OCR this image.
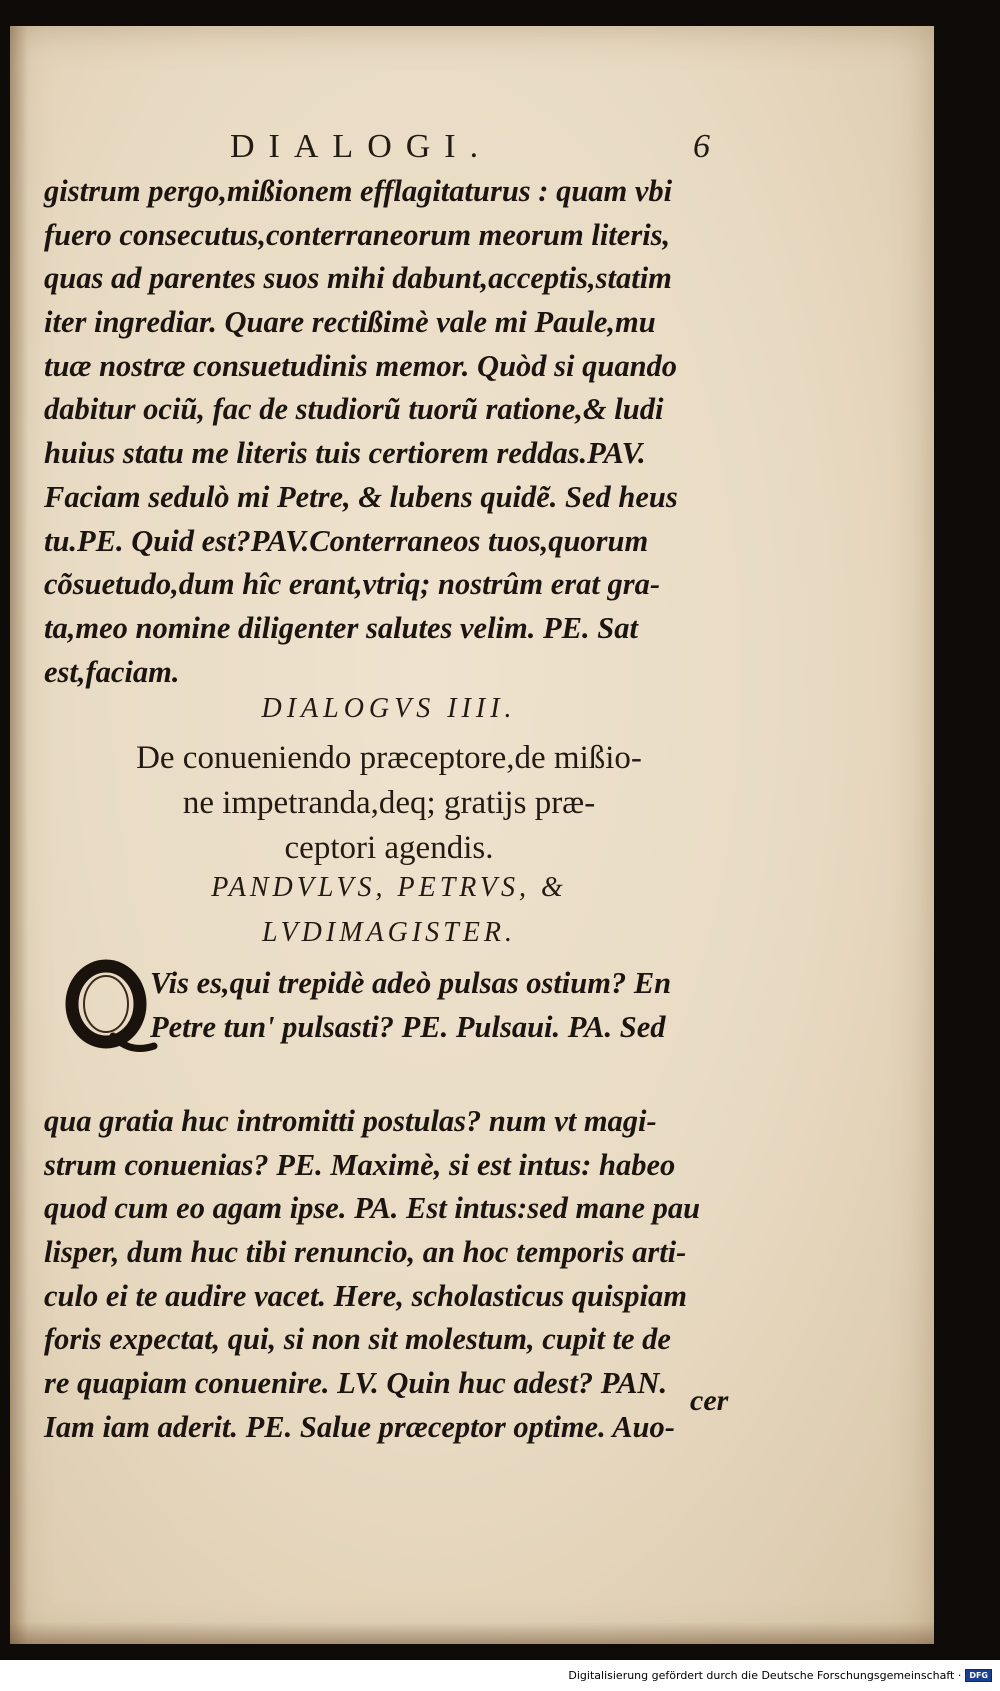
DIALOGI.	6
gistrum pergo,mißionem efflagitaturus : quam vbi
fuero consecutus,conterraneorum meorum literis,
quas ad parentes suos mihi dabunt,acceptis,statim
iter ingrediar. Quare rectißimè vale mi Paule,mu
tuæ nostræ consuetudinis memor. Quòd si quando
dabitur ociũ, fac de studiorũ tuorũ ratione,& ludi
huius statu me literis tuis certiorem reddas.PAV.
Faciam sedulò mi Petre, & lubens quidẽ. Sed heus
tu.PE. Quid est?PAV.Conterraneos tuos,quorum
cõsuetudo,dum hîc erant,vtriq; nostrûm erat gra-
ta,meo nomine diligenter salutes velim. PE. Sat
est,faciam.
DIALOGVS IIII.
De conueniendo præceptore,de mißio-
ne impetranda,deq; gratijs præ-
ceptori agendis.
PANDVLVS, PETRVS, &
LVDIMAGISTER.
Q
Vis es,qui trepidè adeò pulsas ostium? En
Petre tun' pulsasti? PE. Pulsaui. PA. Sed
qua gratia huc intromitti postulas? num vt magi-
strum conuenias? PE. Maximè, si est intus: habeo
quod cum eo agam ipse. PA. Est intus:sed mane pau
lisper, dum huc tibi renuncio, an hoc temporis arti-
culo ei te audire vacet. Here, scholasticus quispiam
foris expectat, qui, si non sit molestum, cupit te de
re quapiam conuenire. LV. Quin huc adest? PAN.
Iam iam aderit. PE. Salue præceptor optime. Auo-
cer
Digitalisierung gefördert durch die Deutsche Forschungsgemeinschaft ·	DFG
